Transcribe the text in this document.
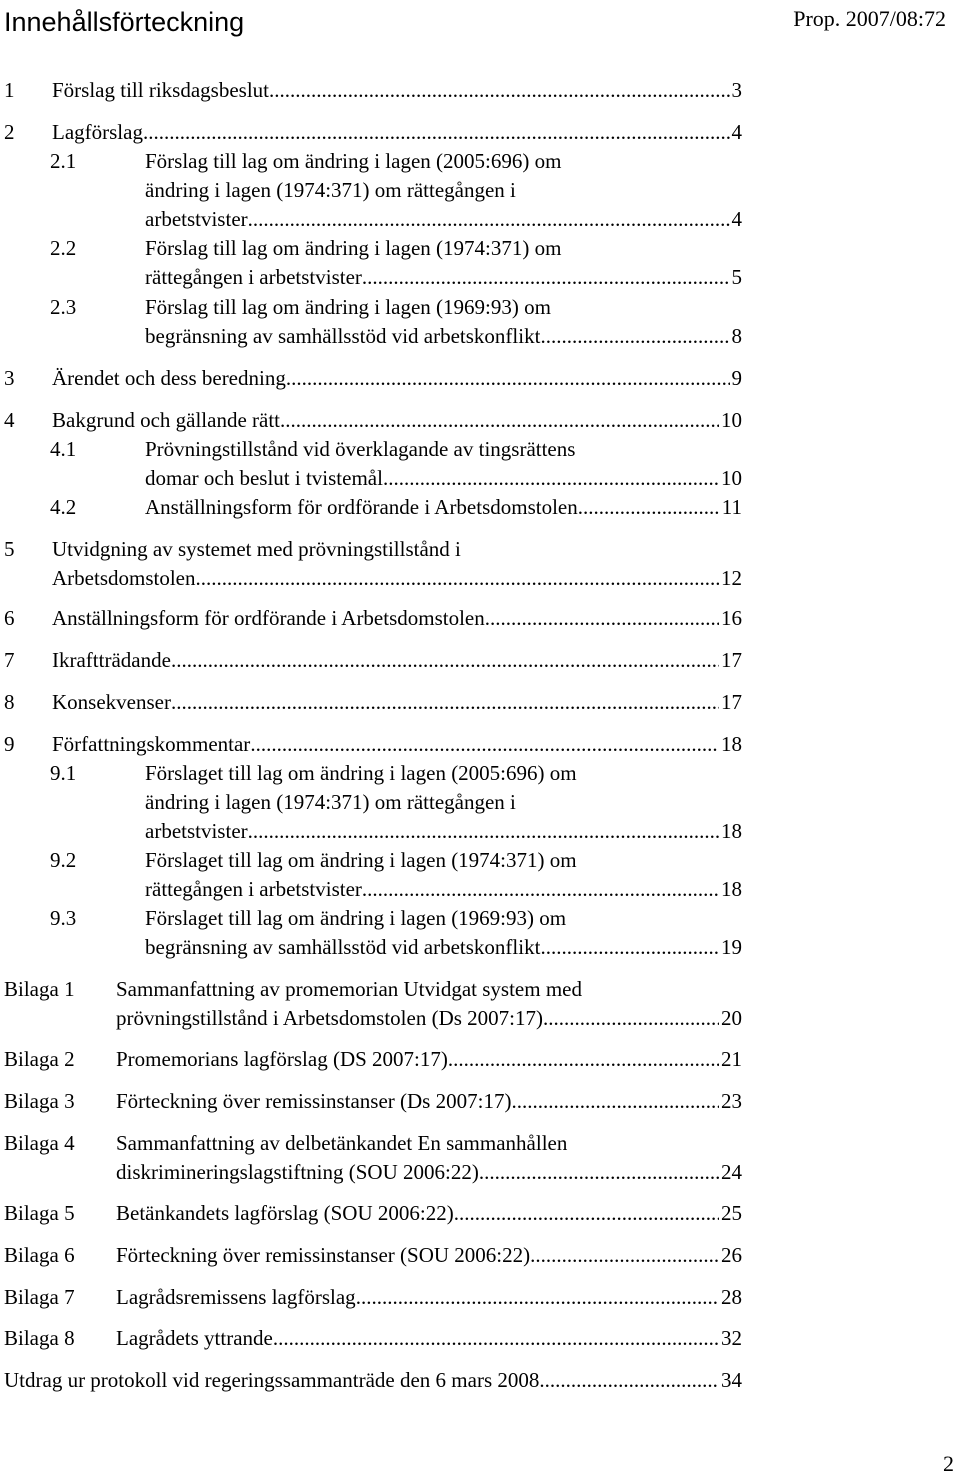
Innehållsförteckning	Prop. 2007/08:72
1 Förslag till riksdagsbeslut .....	3
2 Lagförslag .....	4
2.1	Förslag till lag om ändring i lagen (2005:696) om
ändring i lagen (1974:371) om rättegången i
arbetstvister .....	4
2.2	Förslag till lag om ändring i lagen (1974:371) om
rättegången i arbetstvister .....	5
2.3	Förslag till lag om ändring i lagen (1969:93) om
begränsning av samhällsstöd vid arbetskonflikt .....	8
3 Ärendet och dess beredning .....	9
4 Bakgrund och gällande rätt .....	10
4.1	Prövningstillstånd vid överklagande av tingsrättens
domar och beslut i tvistemål .....	10
4.2	Anställningsform för ordförande i Arbetsdomstolen .....	11
5 Utvidgning av systemet med prövningstillstånd i
Arbetsdomstolen .....	12
6 Anställningsform för ordförande i Arbetsdomstolen .....	16
7 Ikraftträdande .....	17
8 Konsekvenser .....	17
9 Författningskommentar .....	18
9.1	Förslaget till lag om ändring i lagen (2005:696) om
ändring i lagen (1974:371) om rättegången i
arbetstvister .....	18
9.2	Förslaget till lag om ändring i lagen (1974:371) om
rättegången i arbetstvister .....	18
9.3	Förslaget till lag om ändring i lagen (1969:93) om
begränsning av samhällsstöd vid arbetskonflikt .....	19
Bilaga 1 Sammanfattning av promemorian Utvidgat system med
prövningstillstånd i Arbetsdomstolen (Ds 2007:17) .....	20
Bilaga 2 Promemorians lagförslag (DS 2007:17) .....	21
Bilaga 3 Förteckning över remissinstanser (Ds 2007:17) .....	23
Bilaga 4 Sammanfattning av delbetänkandet En sammanhållen
diskrimineringslagstiftning (SOU 2006:22) .....	24
Bilaga 5 Betänkandets lagförslag (SOU 2006:22) .....	25
Bilaga 6 Förteckning över remissinstanser (SOU 2006:22) .....	26
Bilaga 7 Lagrådsremissens lagförslag .....	28
Bilaga 8 Lagrådets yttrande .....	32
Utdrag ur protokoll vid regeringssammanträde den 6 mars 2008 .....	34
2
